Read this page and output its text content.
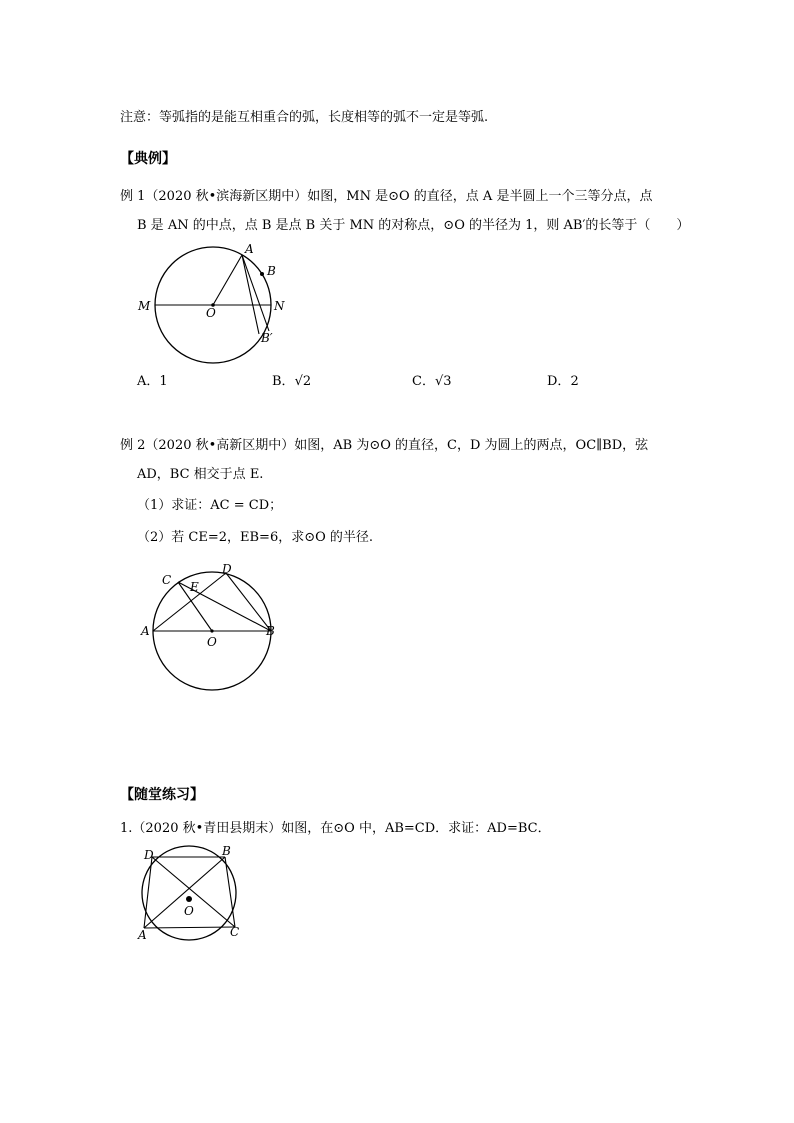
注意：等弧指的是能互相重合的弧，长度相等的弧不一定是等弧.
【典例】
例 1（2020 秋•滨海新区期中）如图，MN 是⊙O 的直径，点 A 是半圆上一个三等分点，点
B 是 AN 的中点，点 B 是点 B 关于 MN 的对称点，⊙O 的半径为 1，则 AB′的长等于（　　）
A
B
M	N
O
B′
A．1	B．√2	C．√3	D．2
例 2（2020 秋•高新区期中）如图，AB 为⊙O 的直径，C，D 为圆上的两点，OC∥BD，弦
AD，BC 相交于点 E.
（1）求证：AC = CD；
（2）若 CE=2，EB=6，求⊙O 的半径.
C
D
E
A	B
O
【随堂练习】
1.（2020 秋•青田县期末）如图，在⊙O 中，AB=CD．求证：AD=BC．
D	B
A	C
O
